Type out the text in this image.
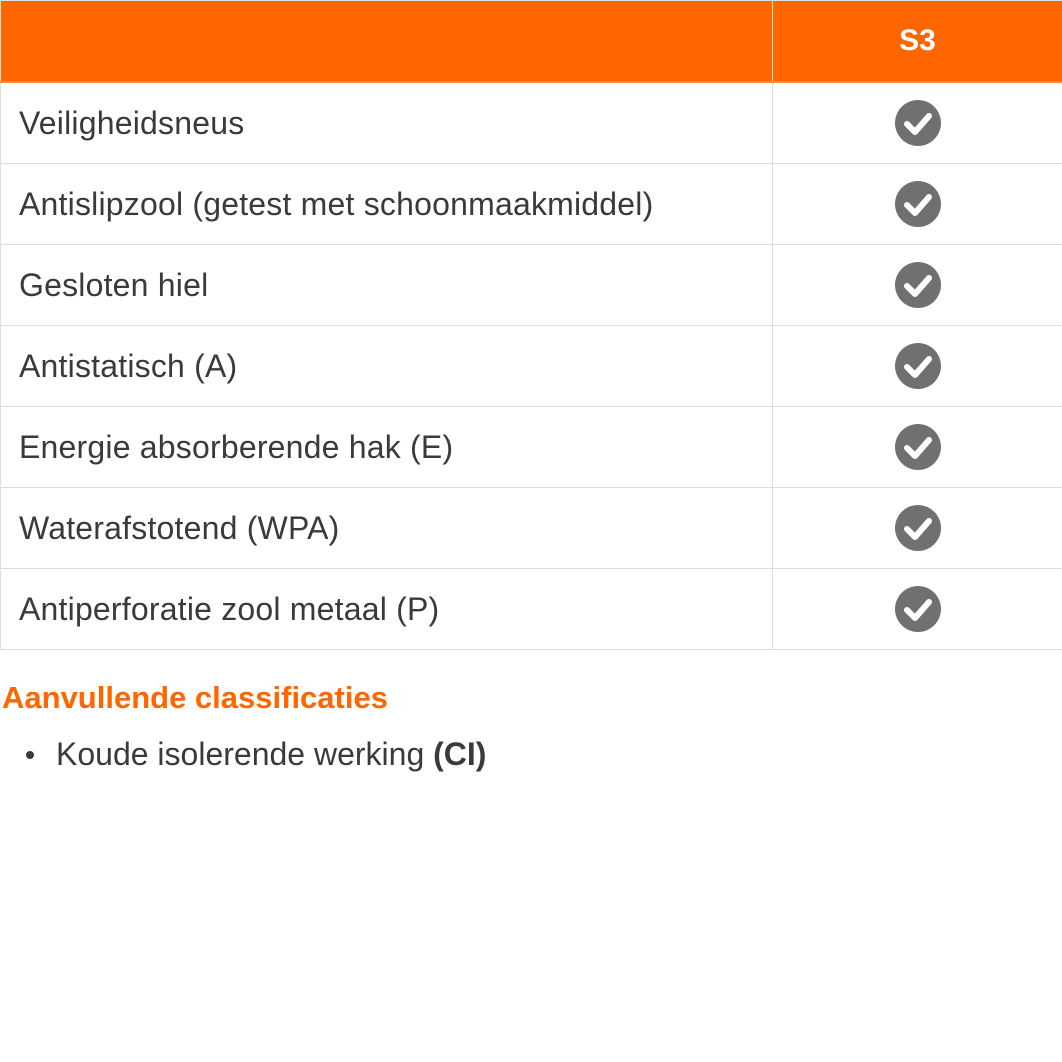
	S3
Veiligheidsneus	
Antislipzool (getest met schoonmaakmiddel)	
Gesloten hiel	
Antistatisch (A)	
Energie absorberende hak (E)	
Waterafstotend (WPA)	
Antiperforatie zool metaal (P)	
Aanvullende classificaties
Koude isolerende werking (CI)
